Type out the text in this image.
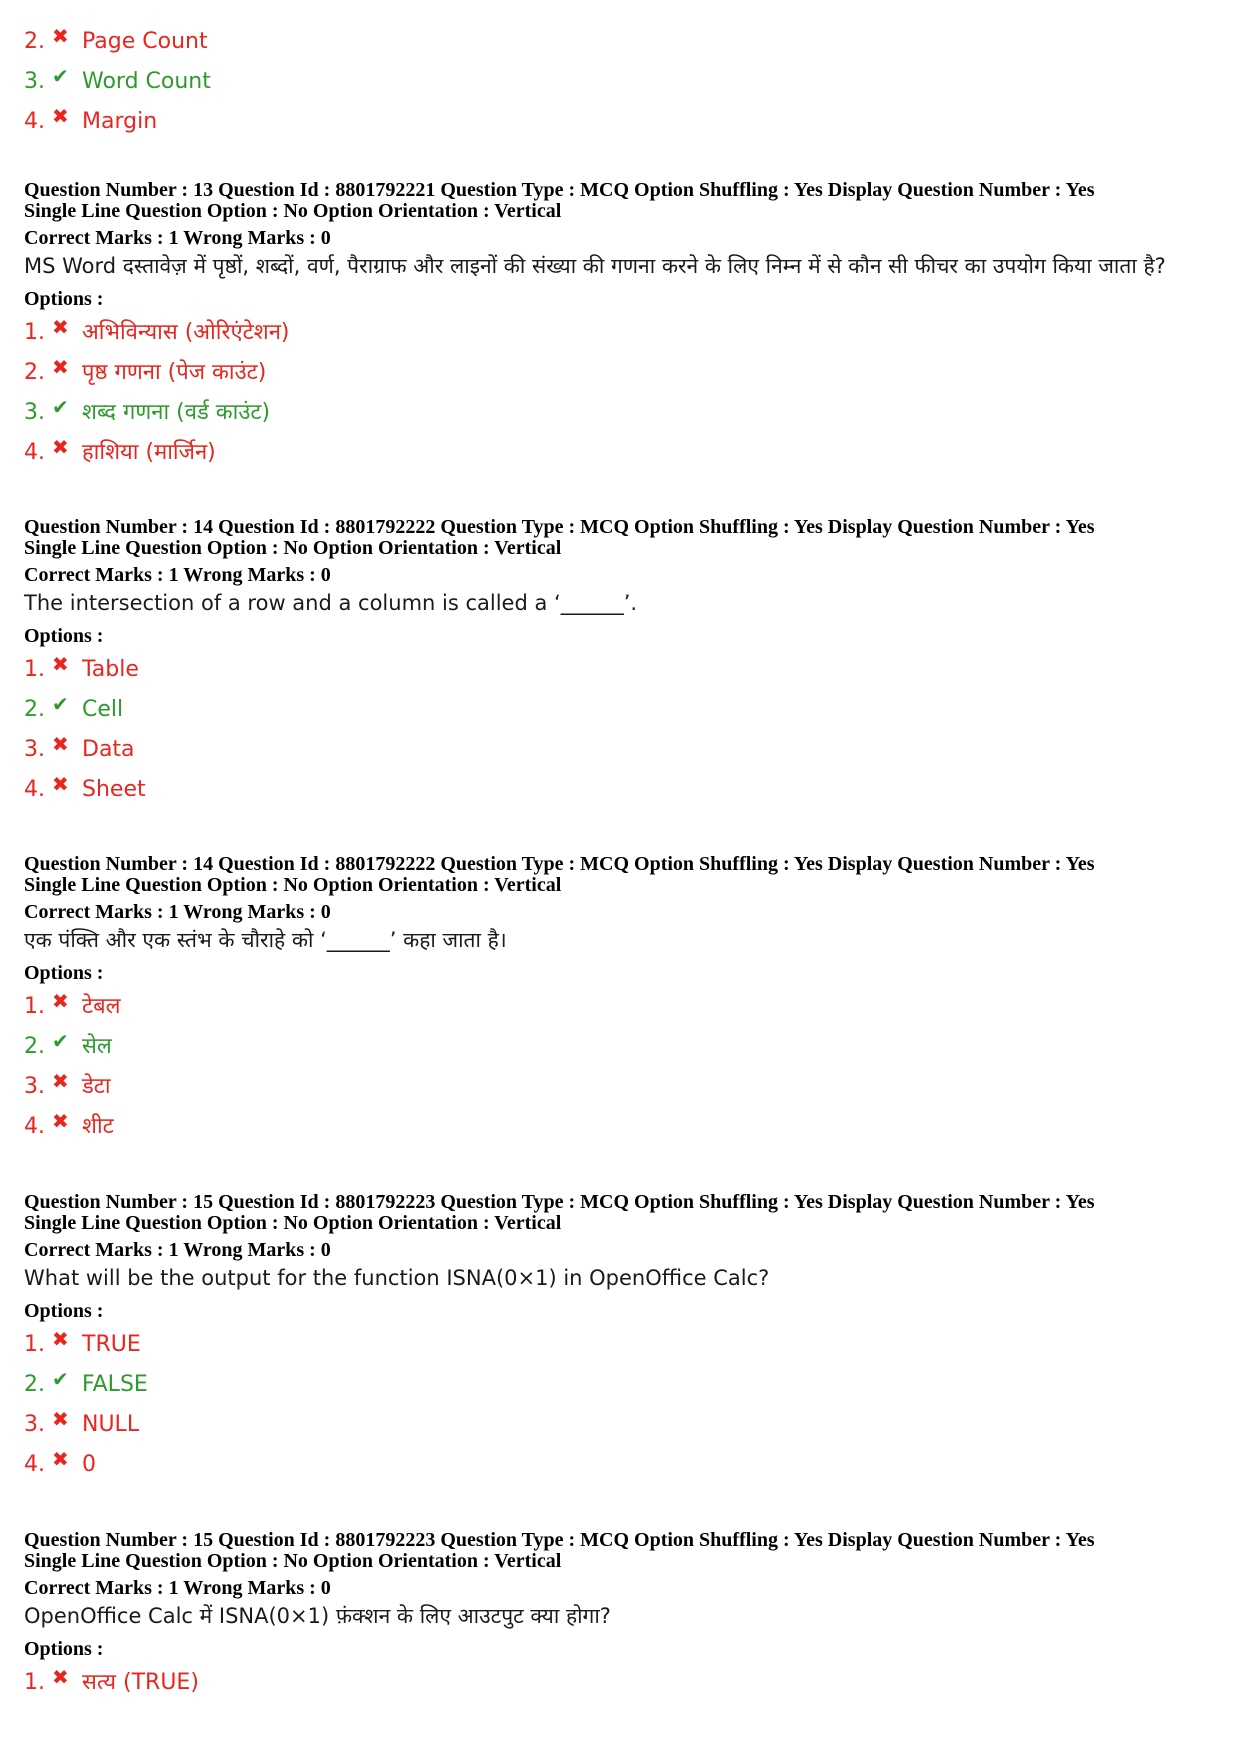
2. ✖ Page Count
3. ✔ Word Count
4. ✖ Margin
Question Number : 13 Question Id : 8801792221 Question Type : MCQ Option Shuffling : Yes Display Question Number : Yes
Single Line Question Option : No Option Orientation : Vertical
Correct Marks : 1 Wrong Marks : 0
MS Word दस्तावेज़ में पृष्ठों, शब्दों, वर्ण, पैराग्राफ और लाइनों की संख्या की गणना करने के लिए निम्न में से कौन सी फीचर का उपयोग किया जाता है?
Options :
1. ✖ अभिविन्यास (ओरिएंटेशन)
2. ✖ पृष्ठ गणना (पेज काउंट)
3. ✔ शब्द गणना (वर्ड काउंट)
4. ✖ हाशिया (मार्जिन)
Question Number : 14 Question Id : 8801792222 Question Type : MCQ Option Shuffling : Yes Display Question Number : Yes
Single Line Question Option : No Option Orientation : Vertical
Correct Marks : 1 Wrong Marks : 0
The intersection of a row and a column is called a ‘______’.
Options :
1. ✖ Table
2. ✔ Cell
3. ✖ Data
4. ✖ Sheet
Question Number : 14 Question Id : 8801792222 Question Type : MCQ Option Shuffling : Yes Display Question Number : Yes
Single Line Question Option : No Option Orientation : Vertical
Correct Marks : 1 Wrong Marks : 0
एक पंक्ति और एक स्तंभ के चौराहे को ‘______’ कहा जाता है।
Options :
1. ✖ टेबल
2. ✔ सेल
3. ✖ डेटा
4. ✖ शीट
Question Number : 15 Question Id : 8801792223 Question Type : MCQ Option Shuffling : Yes Display Question Number : Yes
Single Line Question Option : No Option Orientation : Vertical
Correct Marks : 1 Wrong Marks : 0
What will be the output for the function ISNA(0×1) in OpenOffice Calc?
Options :
1. ✖ TRUE
2. ✔ FALSE
3. ✖ NULL
4. ✖ 0
Question Number : 15 Question Id : 8801792223 Question Type : MCQ Option Shuffling : Yes Display Question Number : Yes
Single Line Question Option : No Option Orientation : Vertical
Correct Marks : 1 Wrong Marks : 0
OpenOffice Calc में ISNA(0×1) फ़ंक्शन के लिए आउटपुट क्या होगा?
Options :
1. ✖ सत्य (TRUE)
